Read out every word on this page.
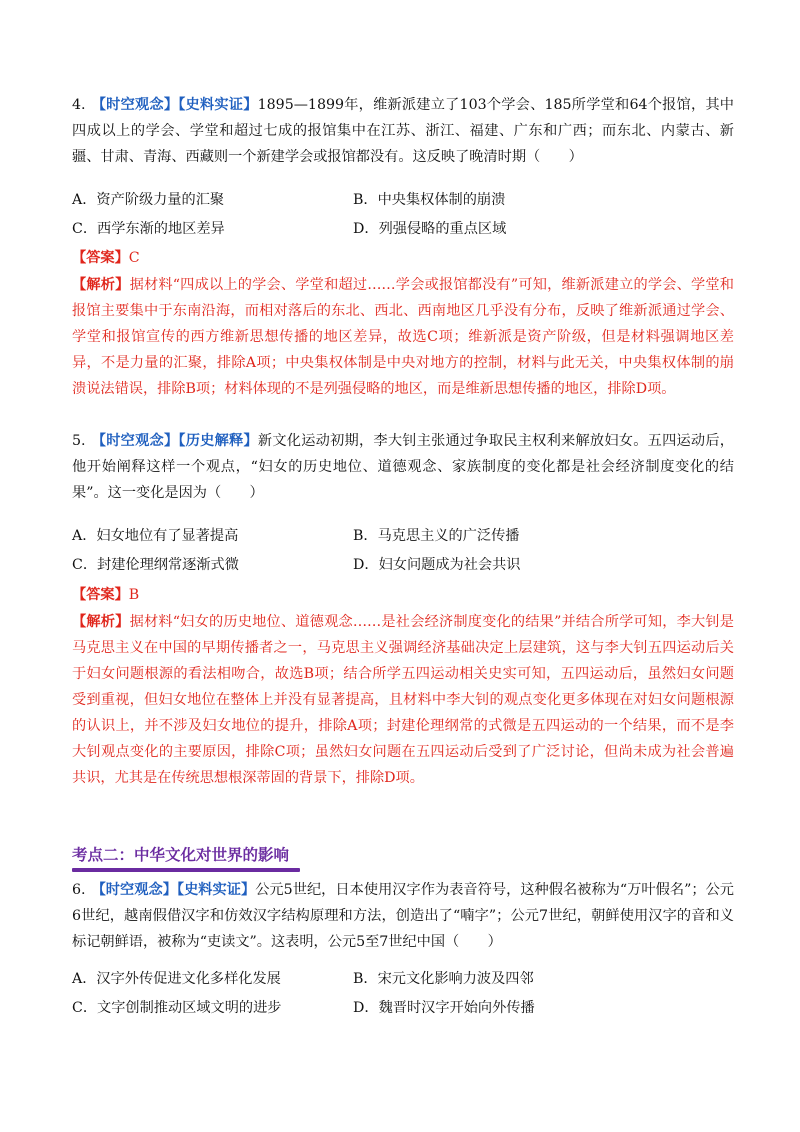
4. 【时空观念】【史料实证】1895—1899年，维新派建立了103个学会、185所学堂和64个报馆，其中四成以上的学会、学堂和超过七成的报馆集中在江苏、浙江、福建、广东和广西；而东北、内蒙古、新疆、甘肃、青海、西藏则一个新建学会或报馆都没有。这反映了晚清时期（　　）
A．资产阶级力量的汇聚	B．中央集权体制的崩溃
C．西学东渐的地区差异	D．列强侵略的重点区域
【答案】C
【解析】据材料“四成以上的学会、学堂和超过……学会或报馆都没有”可知，维新派建立的学会、学堂和报馆主要集中于东南沿海，而相对落后的东北、西北、西南地区几乎没有分布，反映了维新派通过学会、学堂和报馆宣传的西方维新思想传播的地区差异，故选C项；维新派是资产阶级，但是材料强调地区差异，不是力量的汇聚，排除A项；中央集权体制是中央对地方的控制，材料与此无关，中央集权体制的崩溃说法错误，排除B项；材料体现的不是列强侵略的地区，而是维新思想传播的地区，排除D项。
5. 【时空观念】【历史解释】新文化运动初期，李大钊主张通过争取民主权利来解放妇女。五四运动后，他开始阐释这样一个观点，“妇女的历史地位、道德观念、家族制度的变化都是社会经济制度变化的结果”。这一变化是因为（　　）
A．妇女地位有了显著提高	B．马克思主义的广泛传播
C．封建伦理纲常逐渐式微	D．妇女问题成为社会共识
【答案】B
【解析】据材料“妇女的历史地位、道德观念……是社会经济制度变化的结果”并结合所学可知，李大钊是马克思主义在中国的早期传播者之一，马克思主义强调经济基础决定上层建筑，这与李大钊五四运动后关于妇女问题根源的看法相吻合，故选B项；结合所学五四运动相关史实可知，五四运动后，虽然妇女问题受到重视，但妇女地位在整体上并没有显著提高，且材料中李大钊的观点变化更多体现在对妇女问题根源的认识上，并不涉及妇女地位的提升，排除A项；封建伦理纲常的式微是五四运动的一个结果，而不是李大钊观点变化的主要原因，排除C项；虽然妇女问题在五四运动后受到了广泛讨论，但尚未成为社会普遍共识，尤其是在传统思想根深蒂固的背景下，排除D项。
考点二：中华文化对世界的影响
6. 【时空观念】【史料实证】公元5世纪，日本使用汉字作为表音符号，这种假名被称为“万叶假名”；公元6世纪，越南假借汉字和仿效汉字结构原理和方法，创造出了“喃字”；公元7世纪，朝鲜使用汉字的音和义标记朝鲜语，被称为“吏读文”。这表明，公元5至7世纪中国（　　）
A．汉字外传促进文化多样化发展	B．宋元文化影响力波及四邻
C．文字创制推动区域文明的进步	D．魏晋时汉字开始向外传播
